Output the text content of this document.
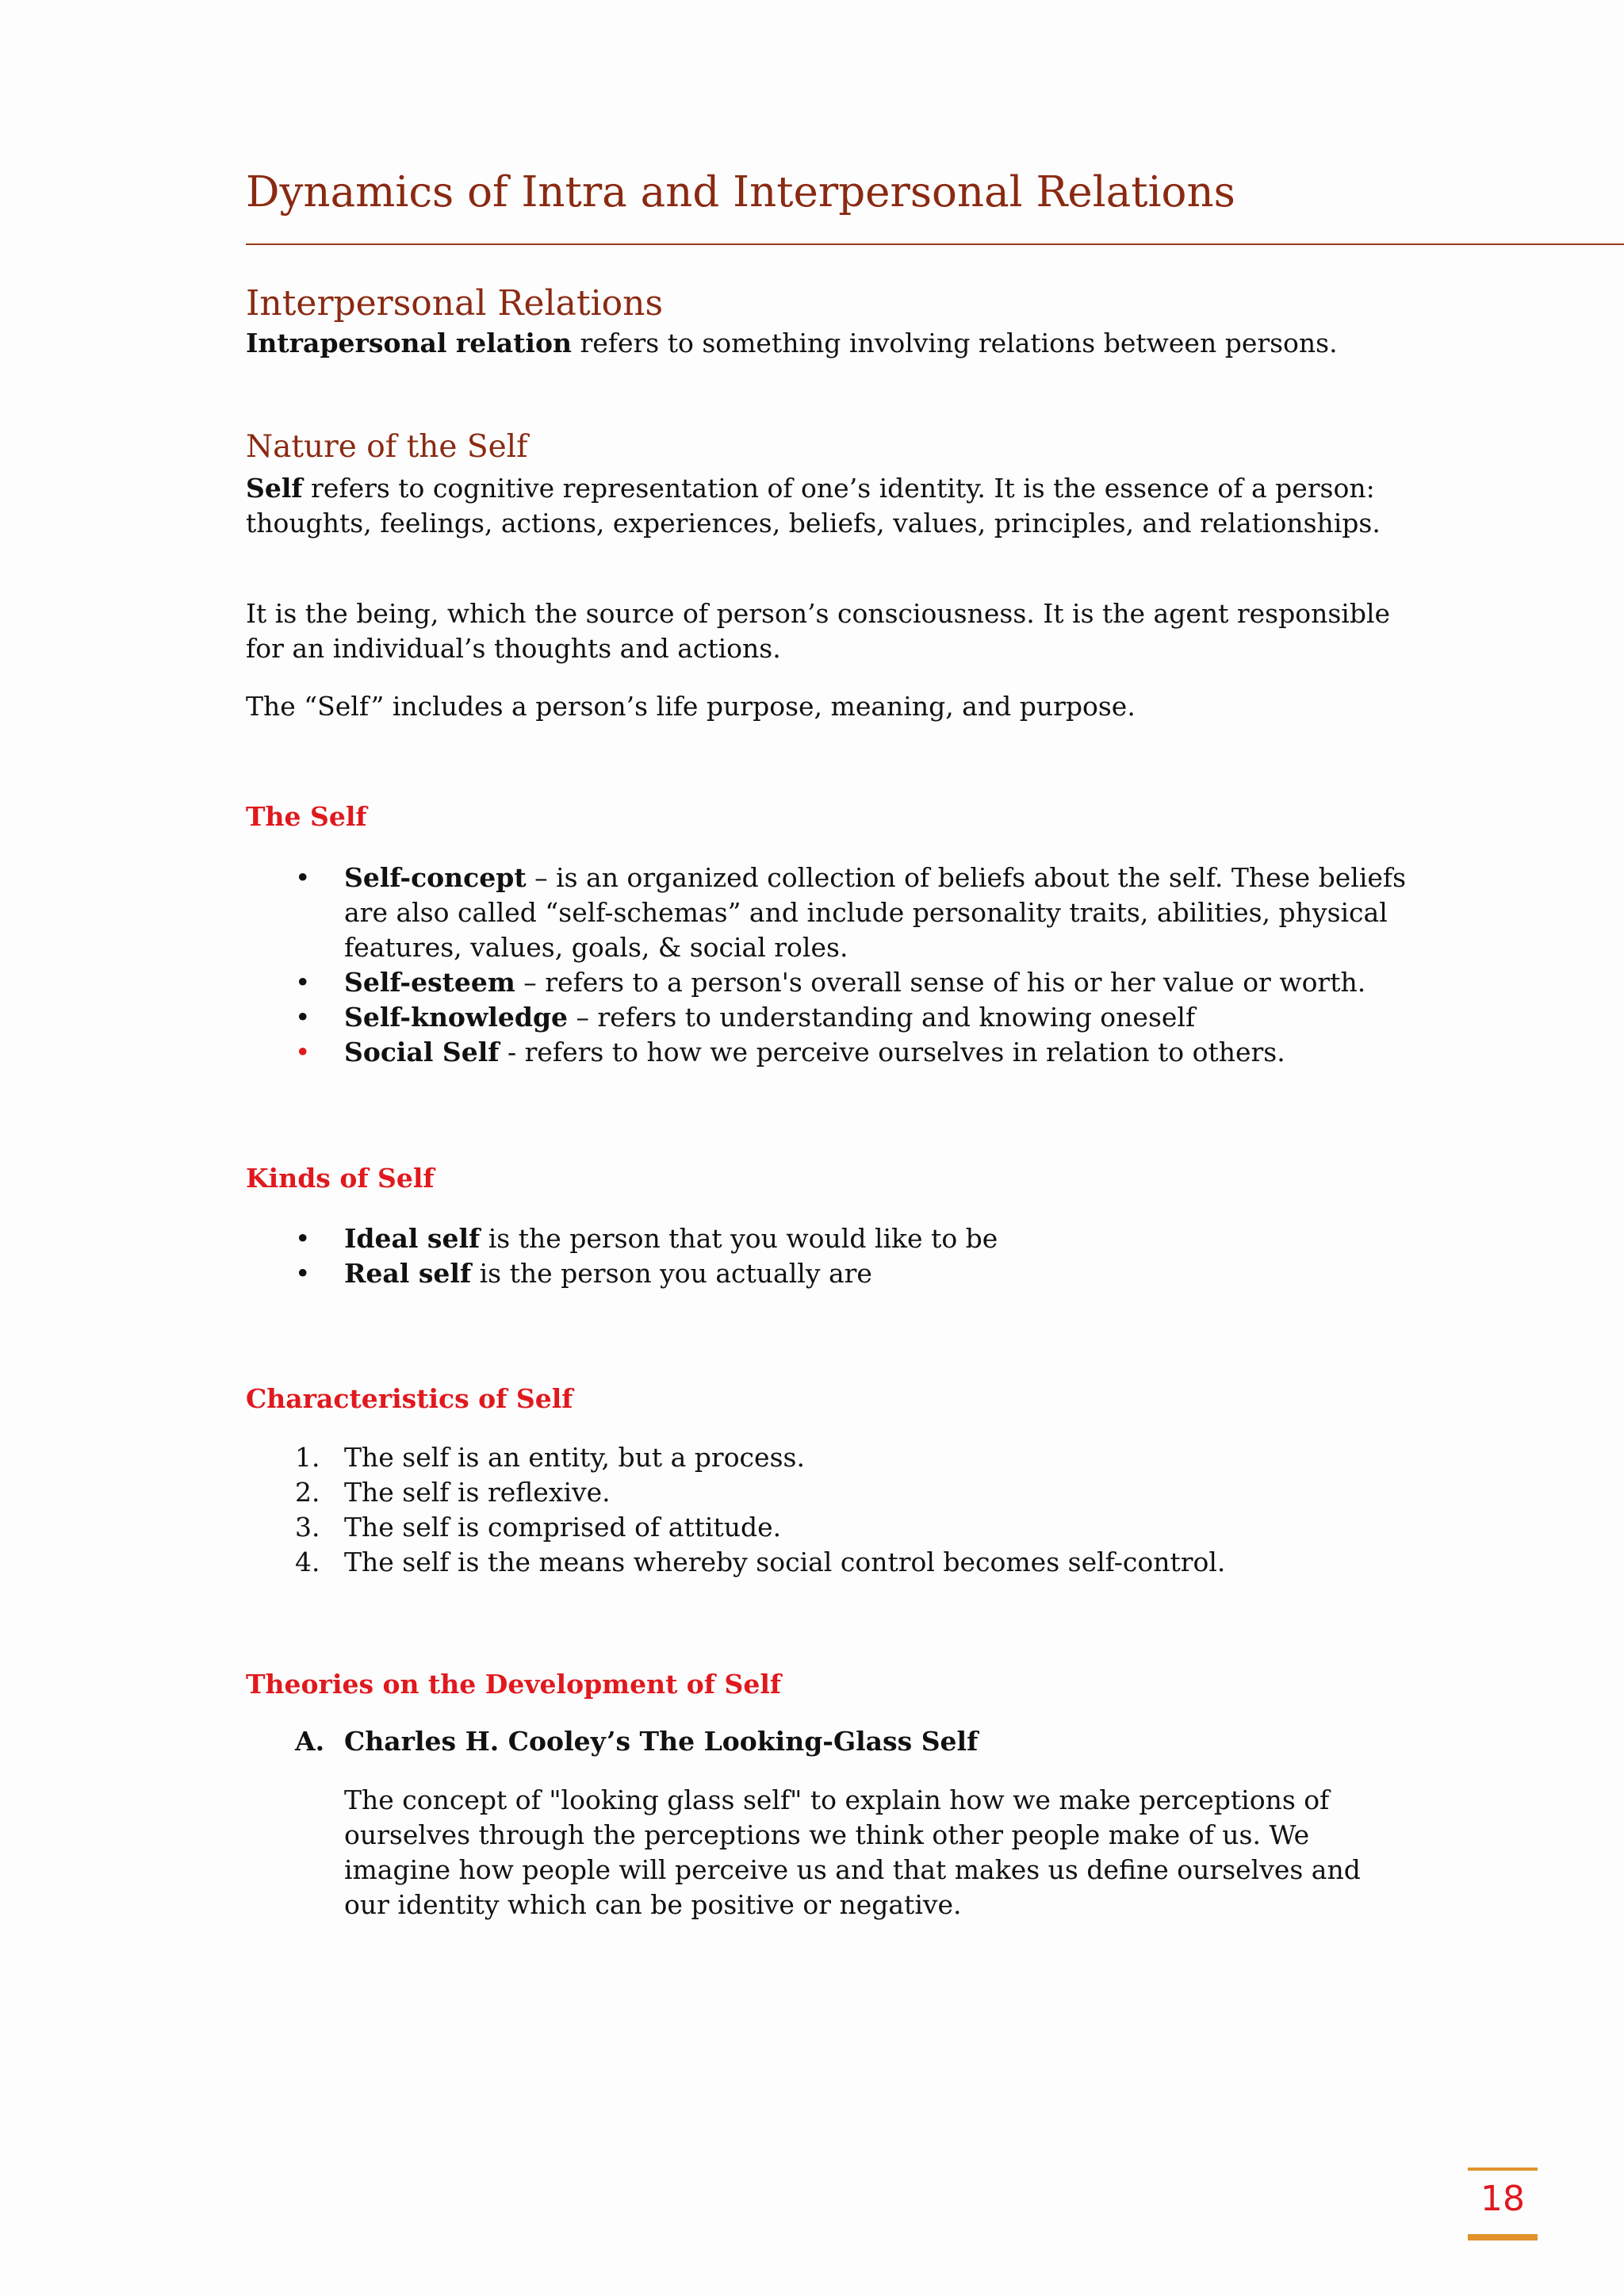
Dynamics of Intra and Interpersonal Relations
Interpersonal Relations

Intrapersonal relation refers to something involving relations between persons.

Nature of the Self

Self refers to cognitive representation of one’s identity. It is the essence of a person: thoughts, feelings, actions, experiences, beliefs, values, principles, and relationships.

It is the being, which the source of person’s consciousness. It is the agent responsible for an individual’s thoughts and actions.

The “Self” includes a person’s life purpose, meaning, and purpose.

The Self
• Self-concept – is an organized collection of beliefs about the self. These beliefs are also called “self-schemas” and include personality traits, abilities, physical features, values, goals, & social roles.
• Self-esteem – refers to a person's overall sense of his or her value or worth.
• Self-knowledge – refers to understanding and knowing oneself
• Social Self - refers to how we perceive ourselves in relation to others.
Kinds of Self
• Ideal self is the person that you would like to be
• Real self is the person you actually are
Characteristics of Self
1. The self is an entity, but a process.
2. The self is reflexive.
3. The self is comprised of attitude.
4. The self is the means whereby social control becomes self-control.
Theories on the Development of Self

A. Charles H. Cooley’s The Looking-Glass Self

The concept of "looking glass self" to explain how we make perceptions of ourselves through the perceptions we think other people make of us. We imagine how people will perceive us and that makes us define ourselves and our identity which can be positive or negative.

18
